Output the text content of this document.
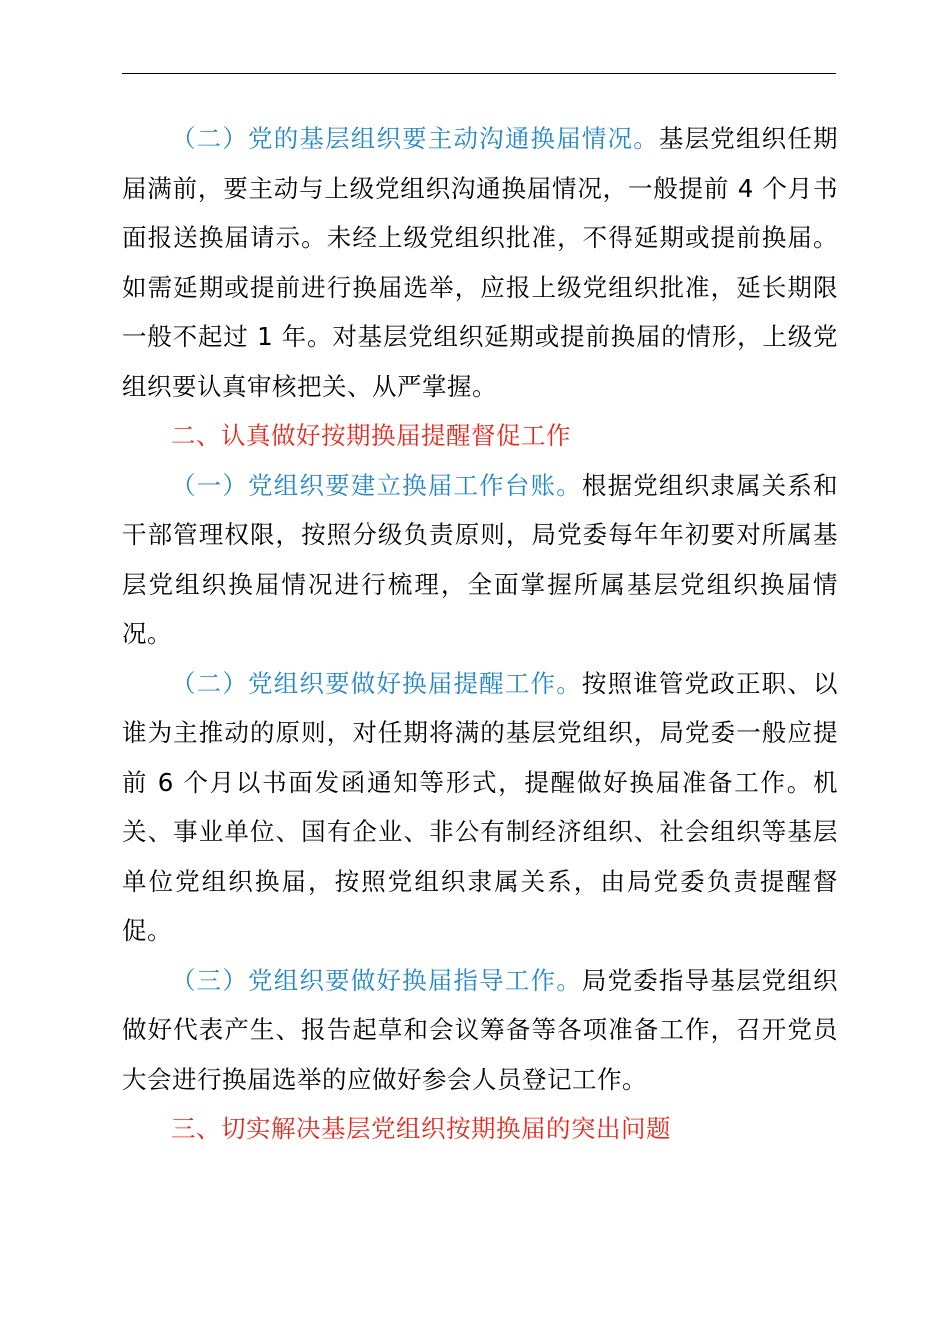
（二）党的基层组织要主动沟通换届情况。基层党组织任期届满前，要主动与上级党组织沟通换届情况，一般提前 4 个月书面报送换届请示。未经上级党组织批准，不得延期或提前换届。如需延期或提前进行换届选举，应报上级党组织批准，延长期限一般不起过 1 年。对基层党组织延期或提前换届的情形，上级党组织要认真审核把关、从严掌握。

二、认真做好按期换届提醒督促工作

（一）党组织要建立换届工作台账。根据党组织隶属关系和干部管理权限，按照分级负责原则，局党委每年年初要对所属基层党组织换届情况进行梳理，全面掌握所属基层党组织换届情况。

（二）党组织要做好换届提醒工作。按照谁管党政正职、以谁为主推动的原则，对任期将满的基层党组织，局党委一般应提前 6 个月以书面发函通知等形式，提醒做好换届准备工作。机关、事业单位、国有企业、非公有制经济组织、社会组织等基层单位党组织换届，按照党组织隶属关系，由局党委负责提醒督促。

（三）党组织要做好换届指导工作。局党委指导基层党组织做好代表产生、报告起草和会议筹备等各项准备工作，召开党员大会进行换届选举的应做好参会人员登记工作。

三、切实解决基层党组织按期换届的突出问题
